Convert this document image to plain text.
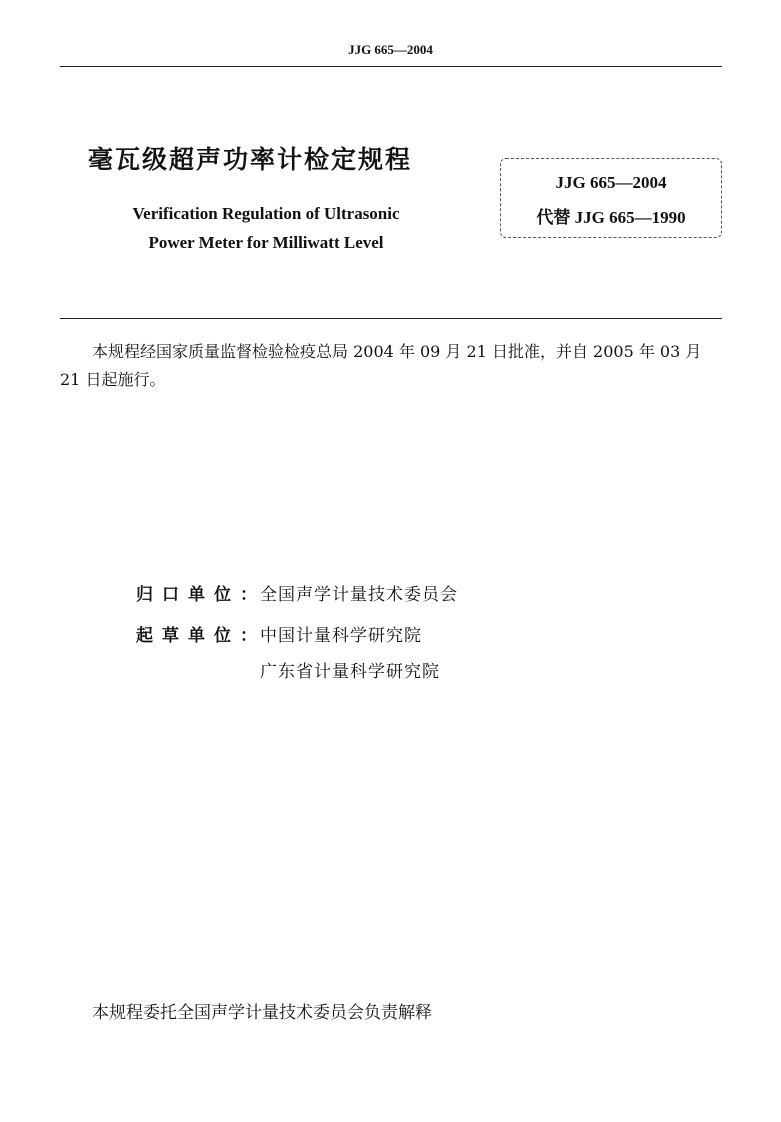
JJG 665—2004
毫瓦级超声功率计检定规程
Verification Regulation of Ultrasonic
Power Meter for Milliwatt Level
JJG 665—2004
代替 JJG 665—1990
本规程经国家质量监督检验检疫总局 2004 年 09 月 21 日批准，并自 2005 年 03 月 21 日起施行。
归口单位：
全国声学计量技术委员会
起草单位：
中国计量科学研究院
广东省计量科学研究院
本规程委托全国声学计量技术委员会负责解释
